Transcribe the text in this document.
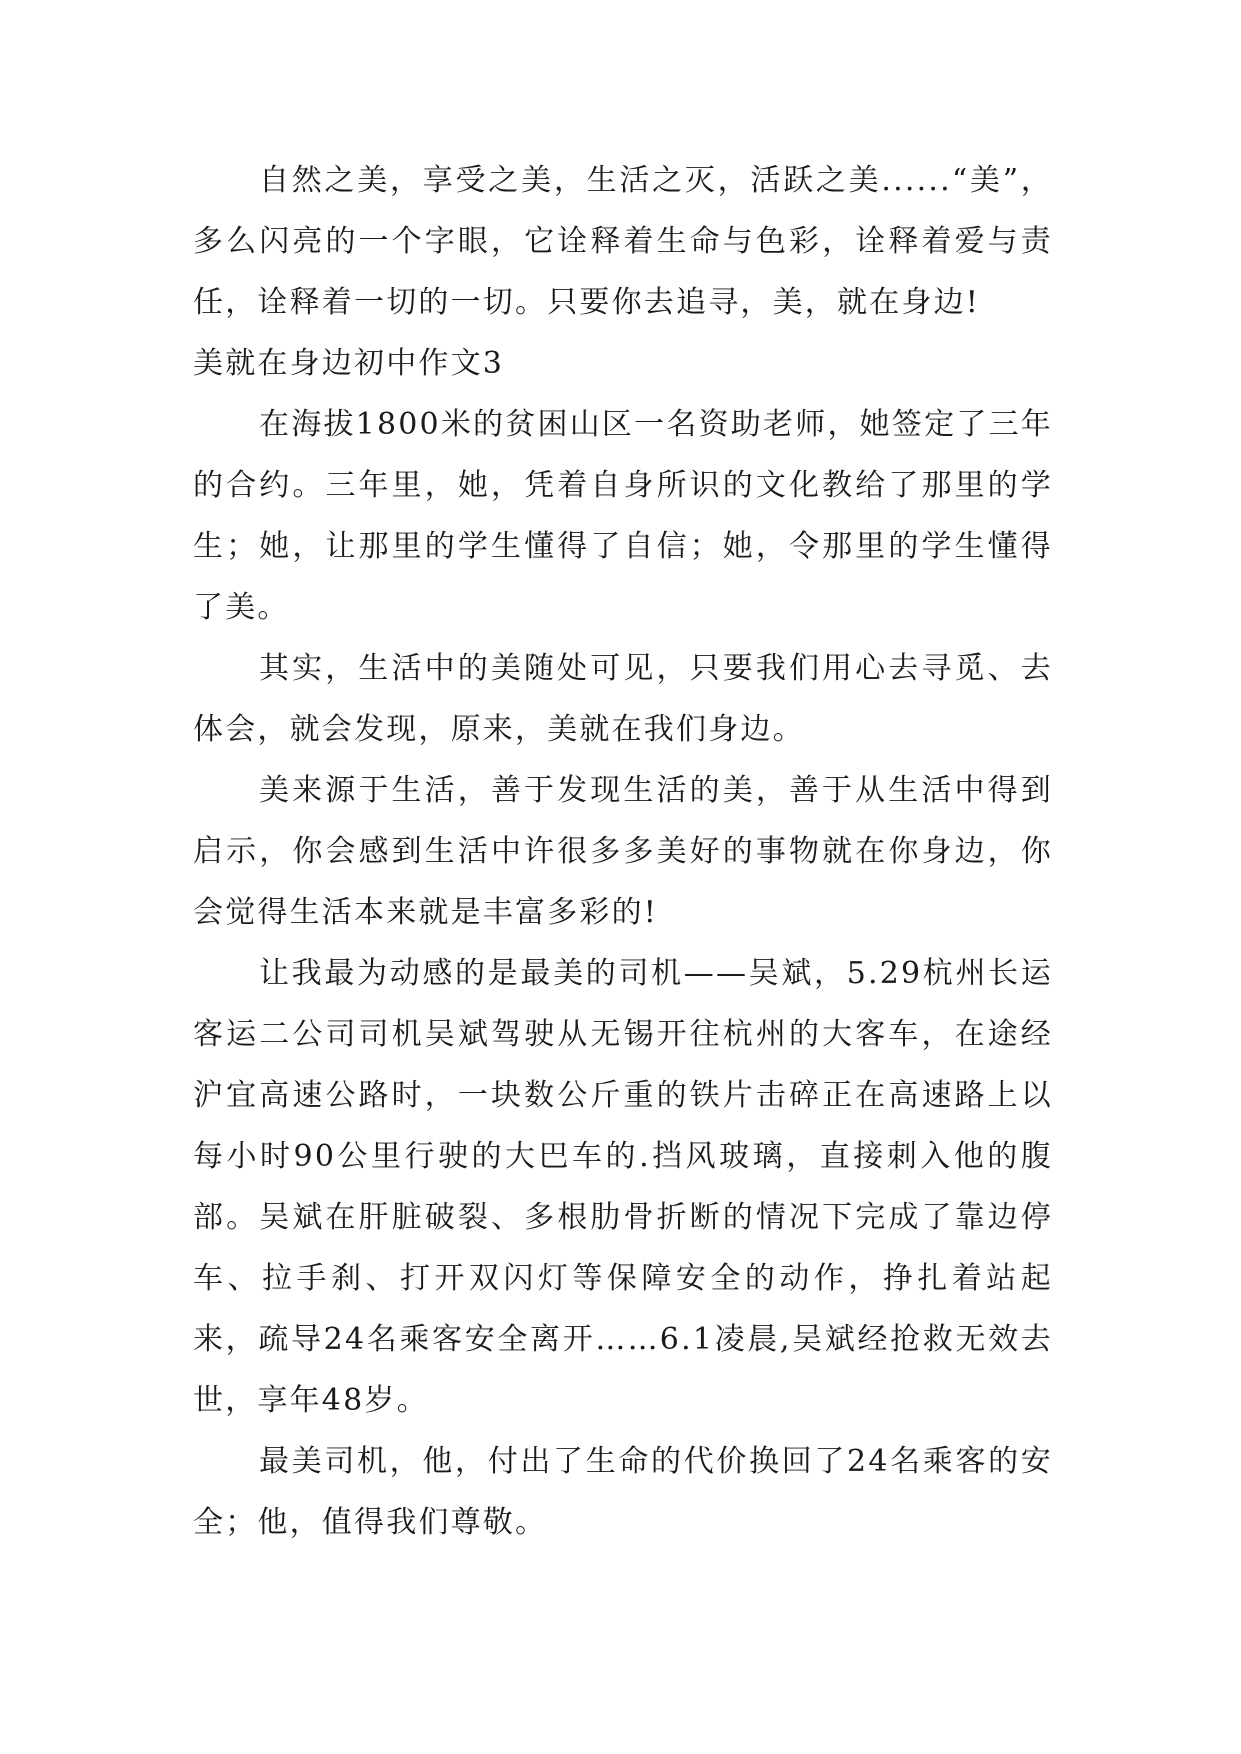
自然之美，享受之美，生活之灭，活跃之美......“美”，多么闪亮的一个字眼，它诠释着生命与色彩，诠释着爱与责任，诠释着一切的一切。只要你去追寻，美，就在身边!

美就在身边初中作文3

在海拔1800米的贫困山区一名资助老师，她签定了三年的合约。三年里，她，凭着自身所识的文化教给了那里的学生；她，让那里的学生懂得了自信；她，令那里的学生懂得了美。

其实，生活中的美随处可见，只要我们用心去寻觅、去体会，就会发现，原来，美就在我们身边。

美来源于生活，善于发现生活的美，善于从生活中得到启示，你会感到生活中许很多多美好的事物就在你身边，你会觉得生活本来就是丰富多彩的!

让我最为动感的是最美的司机——吴斌，5.29杭州长运客运二公司司机吴斌驾驶从无锡开往杭州的大客车，在途经沪宜高速公路时，一块数公斤重的铁片击碎正在高速路上以每小时90公里行驶的大巴车的.挡风玻璃，直接刺入他的腹部。吴斌在肝脏破裂、多根肋骨折断的情况下完成了靠边停车、拉手刹、打开双闪灯等保障安全的动作，挣扎着站起来，疏导24名乘客安全离开……6.1凌晨,吴斌经抢救无效去世，享年48岁。

最美司机，他，付出了生命的代价换回了24名乘客的安全；他，值得我们尊敬。
